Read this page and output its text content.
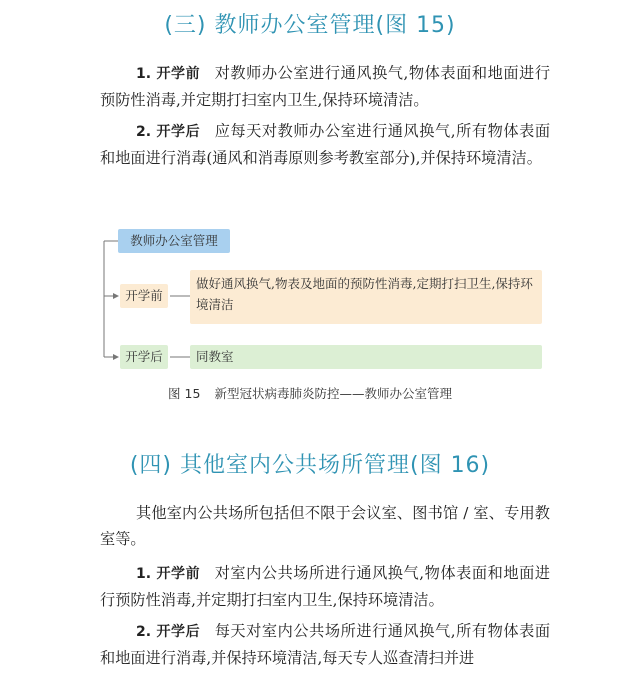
(三) 教师办公室管理(图 15)
1. 开学前 对教师办公室进行通风换气,物体表面和地面进行预防性消毒,并定期打扫室内卫生,保持环境清洁。
2. 开学后 应每天对教师办公室进行通风换气,所有物体表面和地面进行消毒(通风和消毒原则参考教室部分),并保持环境清洁。
教师办公室管理
开学前
做好通风换气,物表及地面的预防性消毒,定期打扫卫生,保持环境清洁
开学后	同教室
图 15 新型冠状病毒肺炎防控——教师办公室管理
(四) 其他室内公共场所管理(图 16)
其他室内公共场所包括但不限于会议室、图书馆 / 室、专用教室等。
1. 开学前 对室内公共场所进行通风换气,物体表面和地面进行预防性消毒,并定期打扫室内卫生,保持环境清洁。
2. 开学后 每天对室内公共场所进行通风换气,所有物体表面和地面进行消毒,并保持环境清洁,每天专人巡查清扫并进
